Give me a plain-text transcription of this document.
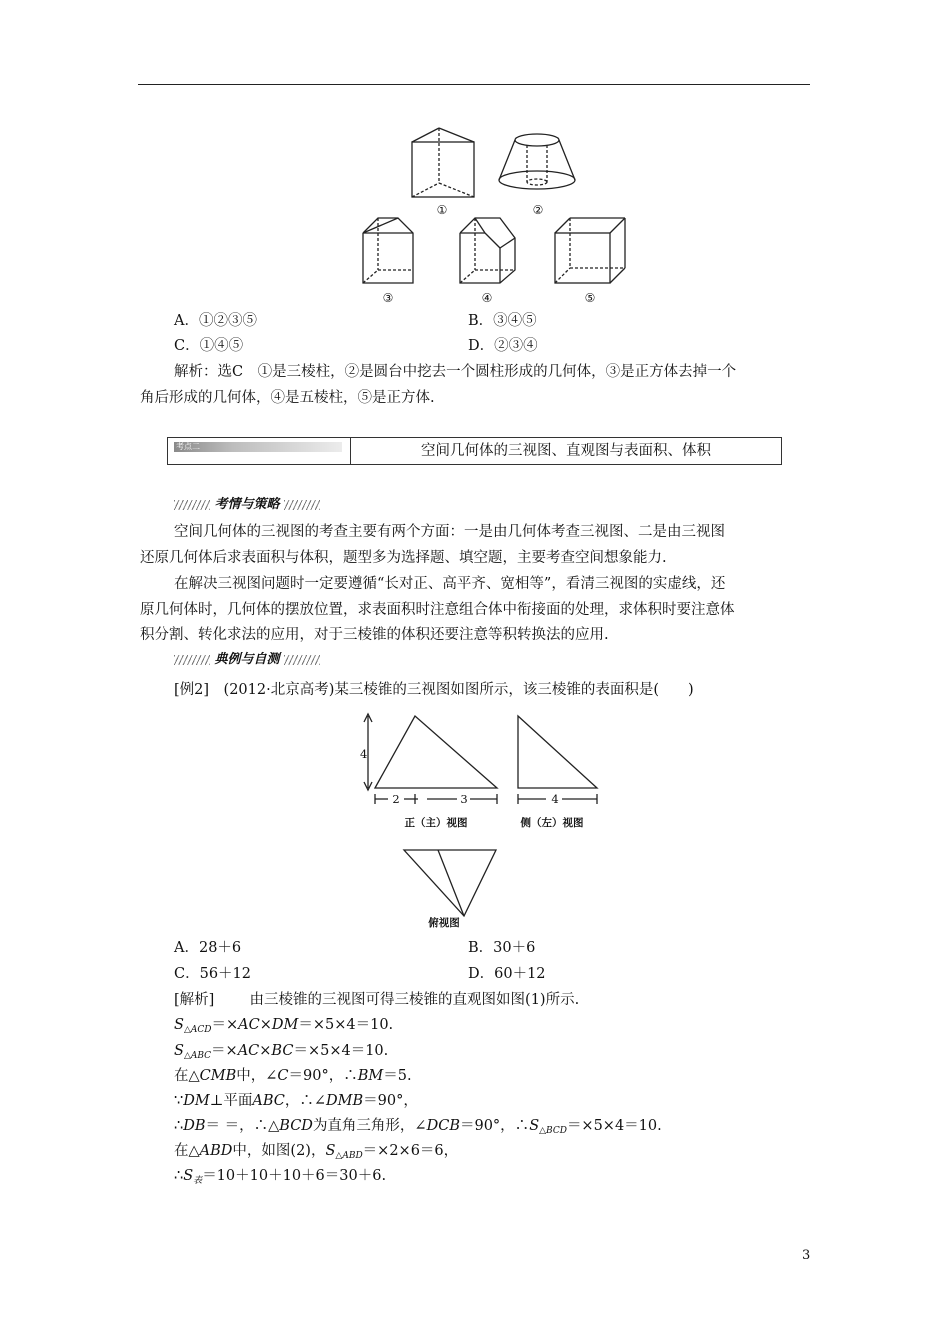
①	②
③	④	⑤
A．①②③⑤	B．③④⑤
C．①④⑤	D．②③④
解析：选C　①是三棱柱，②是圆台中挖去一个圆柱形成的几何体，③是正方体去掉一个
角后形成的几何体，④是五棱柱，⑤是正方体.
考点二	空间几何体的三视图、直观图与表面积、体积
考情与策略
空间几何体的三视图的考查主要有两个方面：一是由几何体考查三视图、二是由三视图
还原几何体后求表面积与体积，题型多为选择题、填空题，主要考查空间想象能力.
在解决三视图问题时一定要遵循“长对正、高平齐、宽相等”，看清三视图的实虚线，还
原几何体时，几何体的摆放位置，求表面积时注意组合体中衔接面的处理，求体积时要注意体
积分割、转化求法的应用，对于三棱锥的体积还要注意等积转换法的应用.
典例与自测
[例2]　(2012·北京高考)某三棱锥的三视图如图所示，该三棱锥的表面积是(　　)
4
2	3	4
正（主）视图	侧（左）视图
俯视图
A．28＋6	B．30＋6
C．56＋12	D．60＋12
[解析] 由三棱锥的三视图可得三棱锥的直观图如图(1)所示.
$S_{\triangle ACD}=\times AC\times DM=\times 5\times 4=10$.
$S_{\triangle ABC}=\times AC\times BC=\times 5\times 4=10$.
在△CMB中，∠C＝90°，∴BM＝5.
∵DM⊥平面ABC，∴∠DMB＝90°，
∴DB＝ ＝，∴△BCD为直角三角形，∠DCB＝90°，$\therefore S_{\triangle BCD}=\times 5\times 4=10$.
在△ABD中，如图(2)，$S_{\triangle ABD}=\times 2\times 6=6$，
$\therefore S_表=10+10+10+6=30+6$.
3
